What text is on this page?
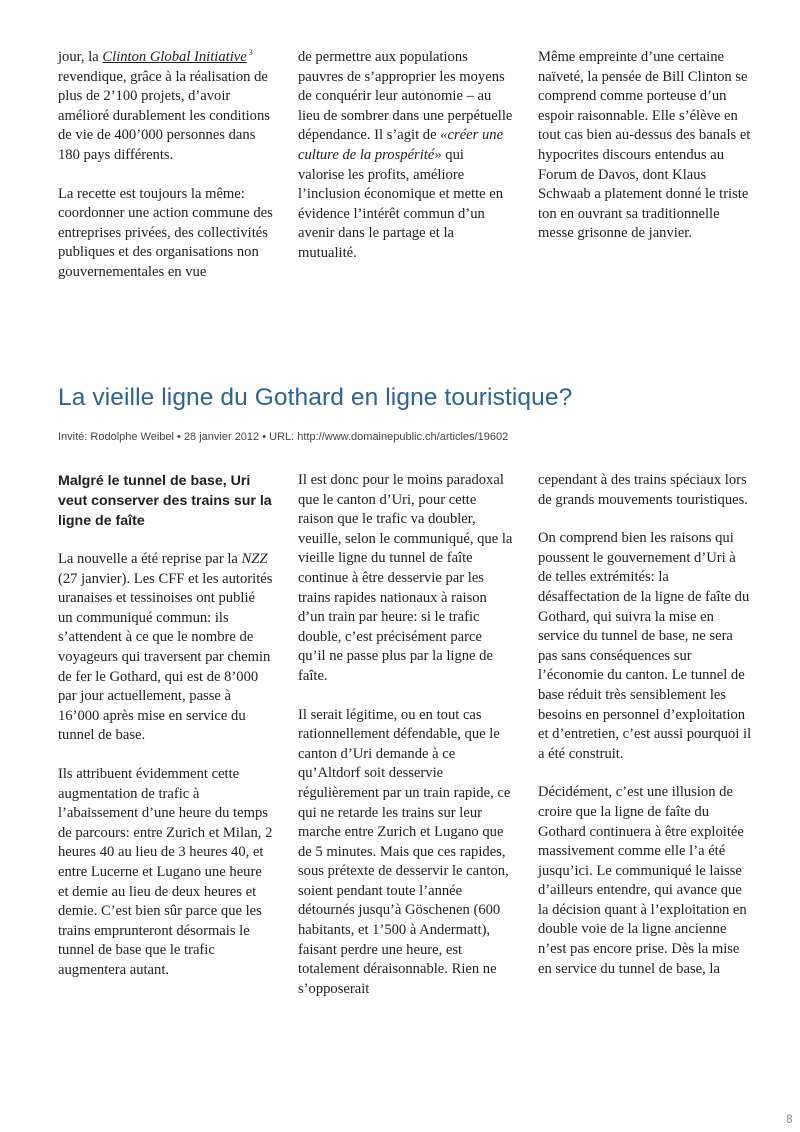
jour, la Clinton Global Initiative $^3$ revendique, grâce à la réalisation de plus de 2’100 projets, d’avoir amélioré durablement les conditions de vie de 400’000 personnes dans 180 pays différents.

La recette est toujours la même: coordonner une action commune des entreprises privées, des collectivités publiques et des organisations non gouvernementales en vue

de permettre aux populations pauvres de s’approprier les moyens de conquérir leur autonomie – au lieu de sombrer dans une perpétuelle dépendance. Il s’agit de «créer une culture de la prospérité» qui valorise les profits, améliore l’inclusion économique et mette en évidence l’intérêt commun d’un avenir dans le partage et la mutualité.

Même empreinte d’une certaine naïveté, la pensée de Bill Clinton se comprend comme porteuse d’un espoir raisonnable. Elle s’élève en tout cas bien au-dessus des banals et hypocrites discours entendus au Forum de Davos, dont Klaus Schwaab a platement donné le triste ton en ouvrant sa traditionnelle messe grisonne de janvier.

La vieille ligne du Gothard en ligne touristique?

Invité: Rodolphe Weibel • 28 janvier 2012 • URL: http://www.domainepublic.ch/articles/19602

Malgré le tunnel de base, Uri veut conserver des trains sur la ligne de faîte

La nouvelle a été reprise par la NZZ (27 janvier). Les CFF et les autorités uranaises et tessinoises ont publié un communiqué commun: ils s’attendent à ce que le nombre de voyageurs qui traversent par chemin de fer le Gothard, qui est de 8’000 par jour actuellement, passe à 16’000 après mise en service du tunnel de base.

Ils attribuent évidemment cette augmentation de trafic à l’abaissement d’une heure du temps de parcours: entre Zurich et Milan, 2 heures 40 au lieu de 3 heures 40, et entre Lucerne et Lugano une heure et demie au lieu de deux heures et demie. C’est bien sûr parce que les trains emprunteront désormais le tunnel de base que le trafic augmentera autant.

Il est donc pour le moins paradoxal que le canton d’Uri, pour cette raison que le trafic va doubler, veuille, selon le communiqué, que la vieille ligne du tunnel de faîte continue à être desservie par les trains rapides nationaux à raison d’un train par heure: si le trafic double, c’est précisément parce qu’il ne passe plus par la ligne de faîte.

Il serait légitime, ou en tout cas rationnellement défendable, que le canton d’Uri demande à ce qu’Altdorf soit desservie régulièrement par un train rapide, ce qui ne retarde les trains sur leur marche entre Zurich et Lugano que de 5 minutes. Mais que ces rapides, sous prétexte de desservir le canton, soient pendant toute l’année détournés jusqu’à Göschenen (600 habitants, et 1’500 à Andermatt), faisant perdre une heure, est totalement déraisonnable. Rien ne s’opposerait

cependant à des trains spéciaux lors de grands mouvements touristiques.

On comprend bien les raisons qui poussent le gouvernement d’Uri à de telles extrémités: la désaffectation de la ligne de faîte du Gothard, qui suivra la mise en service du tunnel de base, ne sera pas sans conséquences sur l’économie du canton. Le tunnel de base réduit très sensiblement les besoins en personnel d’exploitation et d’entretien, c’est aussi pourquoi il a été construit.

Décidément, c’est une illusion de croire que la ligne de faîte du Gothard continuera à être exploitée massivement comme elle l’a été jusqu’ici. Le communiqué le laisse d’ailleurs entendre, qui avance que la décision quant à l’exploitation en double voie de la ligne ancienne n’est pas encore prise. Dès la mise en service du tunnel de base, la

8
